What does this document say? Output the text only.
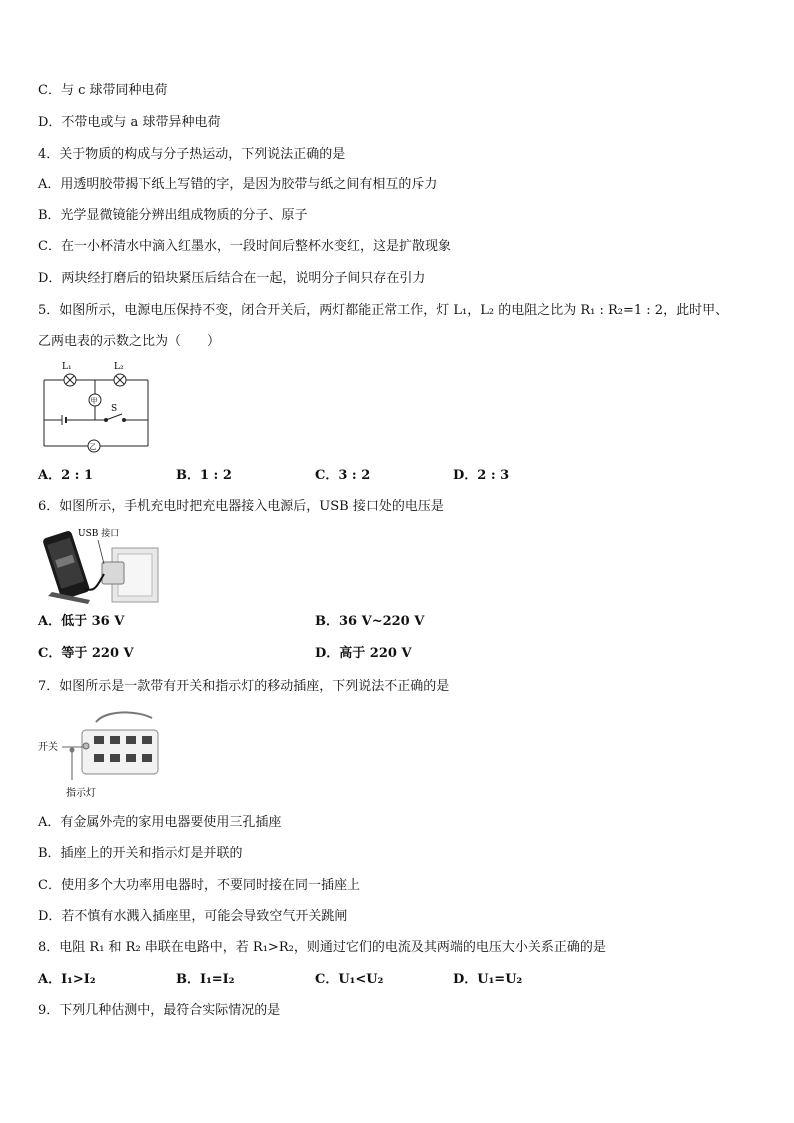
C．与 c 球带同种电荷
D．不带电或与 a 球带异种电荷
4．关于物质的构成与分子热运动，下列说法正确的是
A．用透明胶带揭下纸上写错的字，是因为胶带与纸之间有相互的斥力
B．光学显微镜能分辨出组成物质的分子、原子
C．在一小杯清水中滴入红墨水，一段时间后整杯水变红，这是扩散现象
D．两块经打磨后的铅块紧压后结合在一起，说明分子间只存在引力
5．如图所示，电源电压保持不变，闭合开关后，两灯都能正常工作，灯 L₁，L₂ 的电阻之比为 R₁ : R₂=1 : 2，此时甲、
乙两电表的示数之比为（　　）
L₁	L₂
甲
乙
S
A．2 : 1	B．1 : 2	C．3 : 2	D．2 : 3
6．如图所示，手机充电时把充电器接入电源后，USB 接口处的电压是
USB 接口
A．低于 36 V	B．36 V~220 V
C．等于 220 V	D．高于 220 V
7．如图所示是一款带有开关和指示灯的移动插座，下列说法不正确的是
开关
指示灯
A．有金属外壳的家用电器要使用三孔插座
B．插座上的开关和指示灯是并联的
C．使用多个大功率用电器时，不要同时接在同一插座上
D．若不慎有水溅入插座里，可能会导致空气开关跳闸
8．电阻 R₁ 和 R₂ 串联在电路中，若 R₁>R₂，则通过它们的电流及其两端的电压大小关系正确的是
A．I₁>I₂	B．I₁=I₂	C．U₁<U₂	D．U₁=U₂
9．下列几种估测中，最符合实际情况的是
